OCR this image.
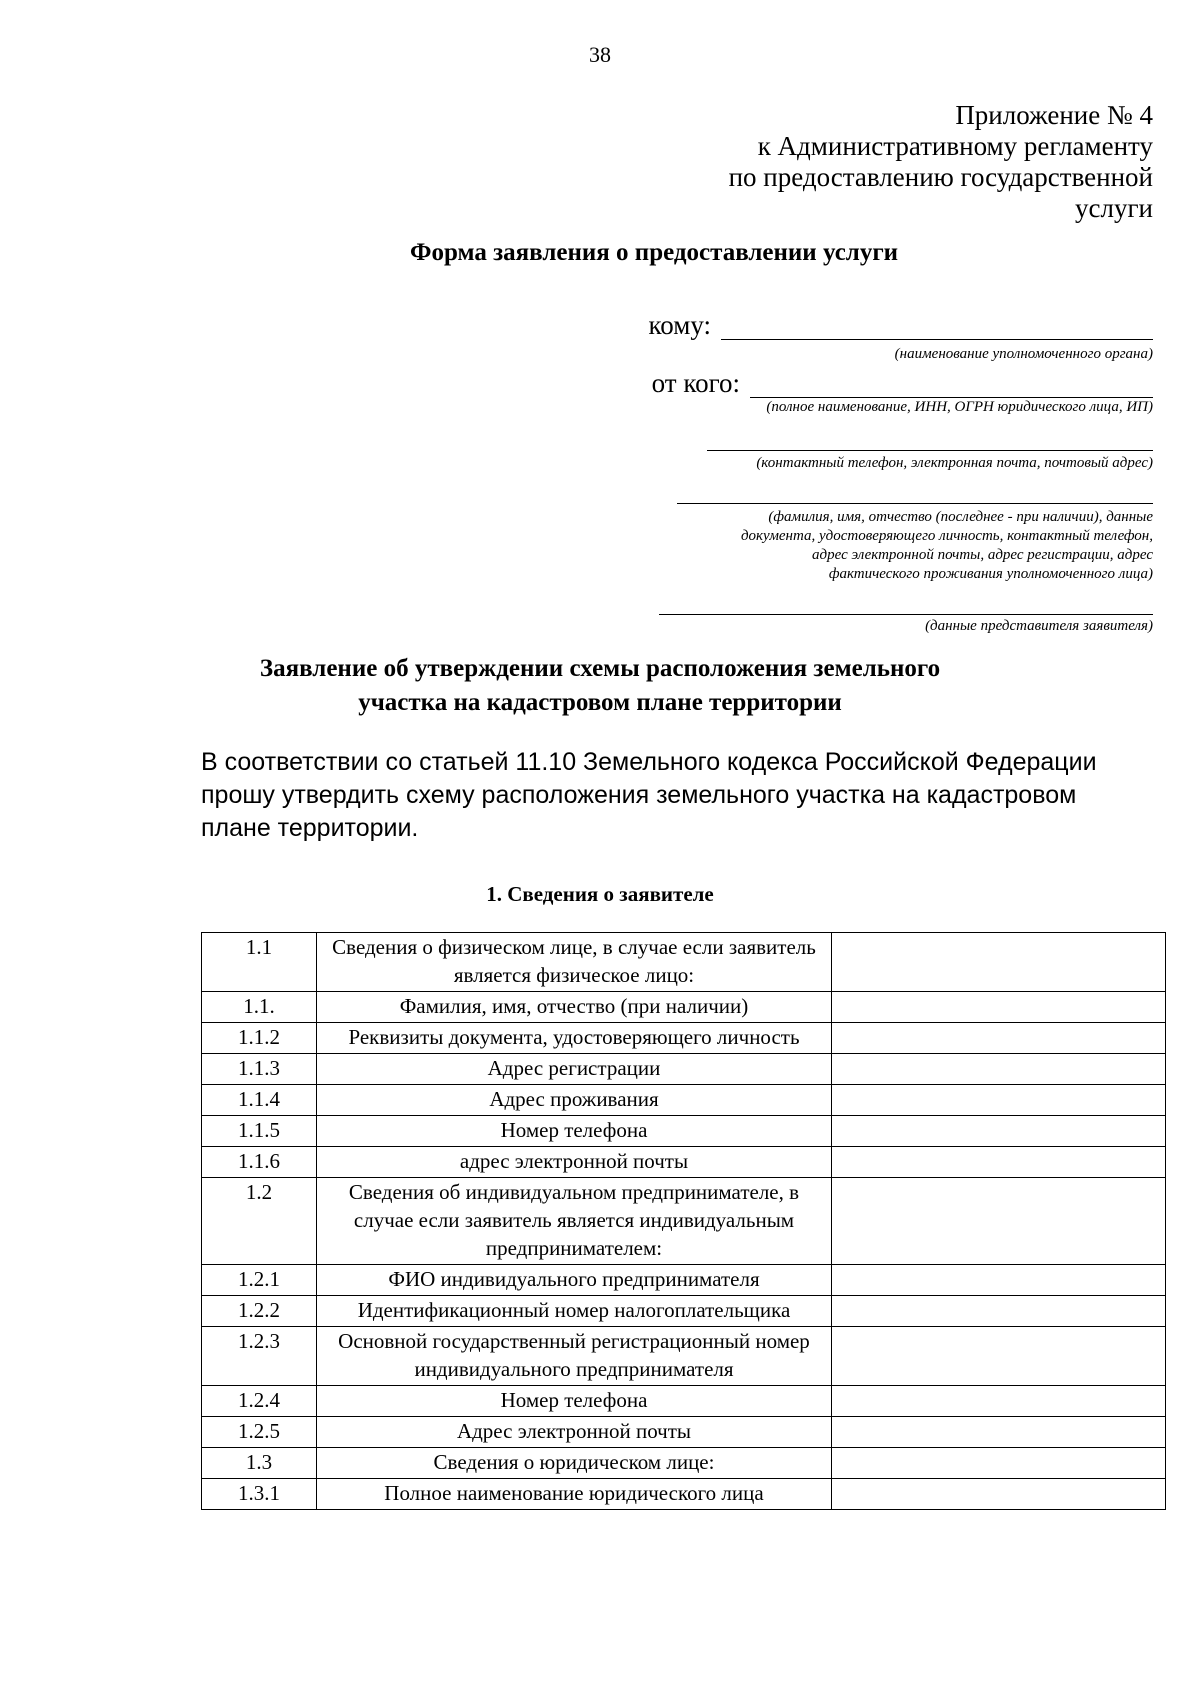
38
Приложение № 4
к Административному регламенту
по предоставлению государственной
услуги
Форма заявления о предоставлении услуги
кому:
(наименование уполномоченного органа)
от кого:
(полное наименование, ИНН, ОГРН юридического лица, ИП)
(контактный телефон, электронная почта, почтовый адрес)
(фамилия, имя, отчество (последнее - при наличии), данные
документа, удостоверяющего личность, контактный телефон,
адрес электронной почты, адрес регистрации, адрес
фактического проживания уполномоченного лица)
(данные представителя заявителя)
Заявление об утверждении схемы расположения земельного
участка на кадастровом плане территории
В соответствии со статьей 11.10 Земельного кодекса Российской Федерации прошу утвердить схему расположения земельного участка на кадастровом плане территории.
1. Сведения о заявителе
1.1	Сведения о физическом лице, в случае если заявитель является физическое лицо:	
1.1.	Фамилия, имя, отчество (при наличии)	
1.1.2	Реквизиты документа, удостоверяющего личность	
1.1.3	Адрес регистрации	
1.1.4	Адрес проживания	
1.1.5	Номер телефона	
1.1.6	адрес электронной почты	
1.2	Сведения об индивидуальном предпринимателе, в случае если заявитель является индивидуальным предпринимателем:	
1.2.1	ФИО индивидуального предпринимателя	
1.2.2	Идентификационный номер налогоплательщика	
1.2.3	Основной государственный регистрационный номер индивидуального предпринимателя	
1.2.4	Номер телефона	
1.2.5	Адрес электронной почты	
1.3	Сведения о юридическом лице:	
1.3.1	Полное наименование юридического лица	
